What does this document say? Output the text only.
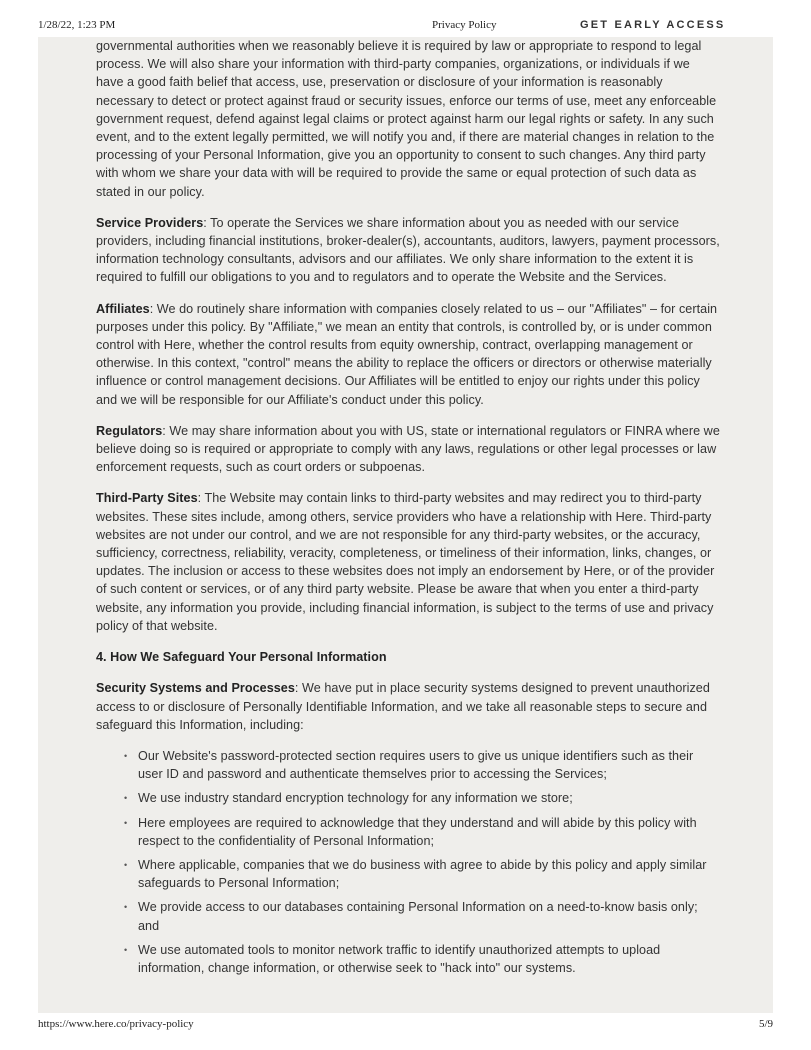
1/28/22, 1:23 PM	Privacy Policy

governmental authorities when we reasonably believe it is required by law or appropriate to respond to legal process. We will also share your information with third-party companies, organizations, or individuals if we have a good faith belief that access, use, preservation or disclosure of your information is reasonably necessary to detect or protect against fraud or security issues, enforce our terms of use, meet any enforceable government request, defend against legal claims or protect against harm our legal rights or safety. In any such event, and to the extent legally permitted, we will notify you and, if there are material changes in relation to the processing of your Personal Information, give you an opportunity to consent to such changes. Any third party with whom we share your data with will be required to provide the same or equal protection of such data as stated in our policy.

Service Providers: To operate the Services we share information about you as needed with our service providers, including financial institutions, broker-dealer(s), accountants, auditors, lawyers, payment processors, information technology consultants, advisors and our affiliates. We only share information to the extent it is required to fulfill our obligations to you and to regulators and to operate the Website and the Services.

Affiliates: We do routinely share information with companies closely related to us – our "Affiliates" – for certain purposes under this policy. By "Affiliate," we mean an entity that controls, is controlled by, or is under common control with Here, whether the control results from equity ownership, contract, overlapping management or otherwise. In this context, "control" means the ability to replace the officers or directors or otherwise materially influence or control management decisions. Our Affiliates will be entitled to enjoy our rights under this policy and we will be responsible for our Affiliate's conduct under this policy.

Regulators: We may share information about you with US, state or international regulators or FINRA where we believe doing so is required or appropriate to comply with any laws, regulations or other legal processes or law enforcement requests, such as court orders or subpoenas.

Third-Party Sites: The Website may contain links to third-party websites and may redirect you to third-party websites. These sites include, among others, service providers who have a relationship with Here. Third-party websites are not under our control, and we are not responsible for any third-party websites, or the accuracy, sufficiency, correctness, reliability, veracity, completeness, or timeliness of their information, links, changes, or updates. The inclusion or access to these websites does not imply an endorsement by Here, or of the provider of such content or services, or of any third party website. Please be aware that when you enter a third-party website, any information you provide, including financial information, is subject to the terms of use and privacy policy of that website.

4. How We Safeguard Your Personal Information

Security Systems and Processes: We have put in place security systems designed to prevent unauthorized access to or disclosure of Personally Identifiable Information, and we take all reasonable steps to secure and safeguard this Information, including:

• Our Website's password-protected section requires users to give us unique identifiers such as their user ID and password and authenticate themselves prior to accessing the Services;
• We use industry standard encryption technology for any information we store;
• Here employees are required to acknowledge that they understand and will abide by this policy with respect to the confidentiality of Personal Information;
• Where applicable, companies that we do business with agree to abide by this policy and apply similar safeguards to Personal Information;
• We provide access to our databases containing Personal Information on a need-to-know basis only; and
• We use automated tools to monitor network traffic to identify unauthorized attempts to upload information, change information, or otherwise seek to "hack into" our systems.
GET EARLY ACCESS
https://www.here.co/privacy-policy	5/9
